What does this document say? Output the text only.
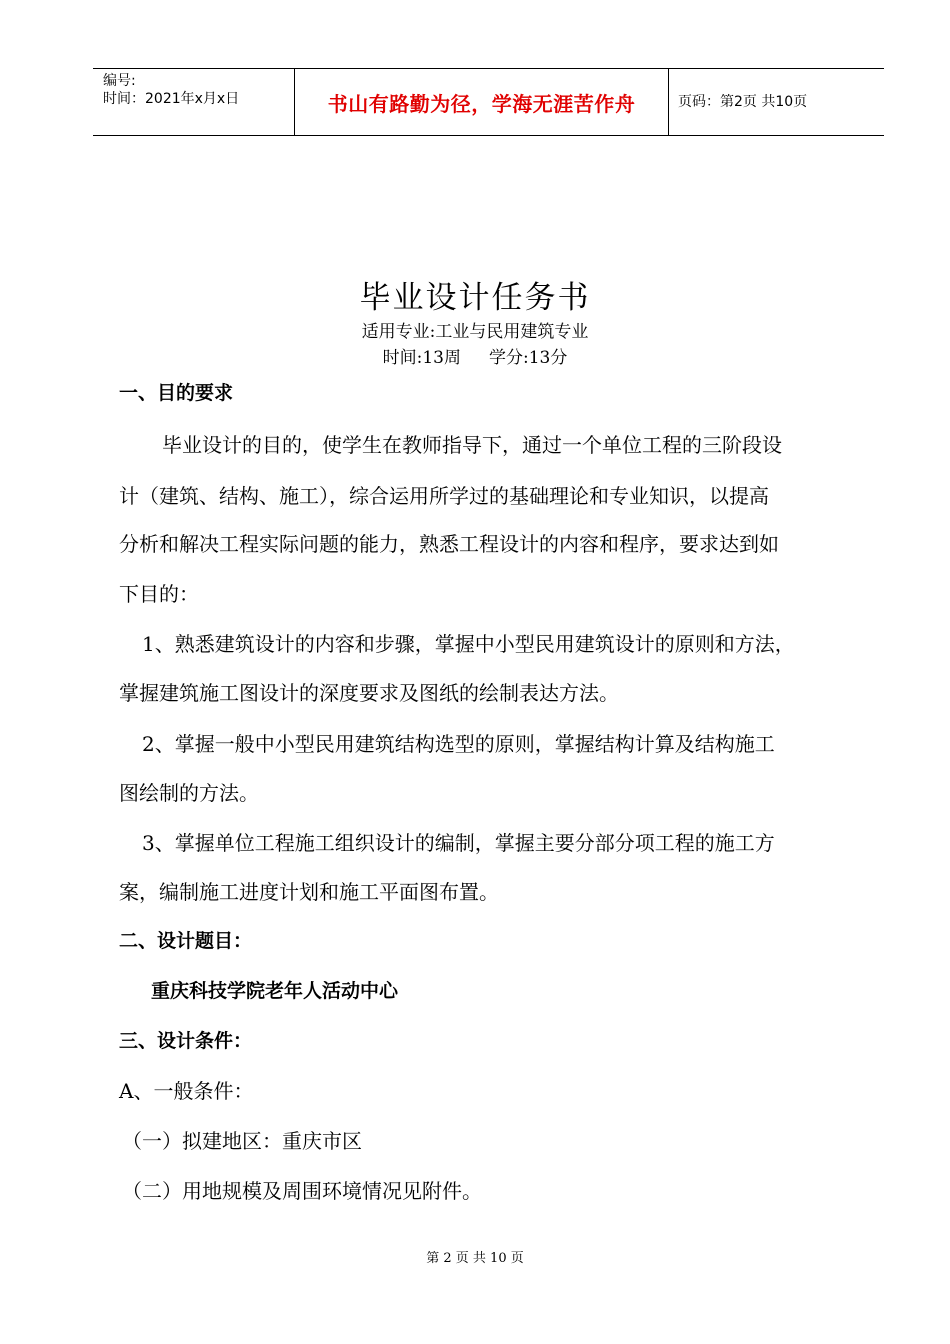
编号:
时间：2021年x月x日	书山有路勤为径，学海无涯苦作舟	页码：第2页 共10页
毕业设计任务书
适用专业:工业与民用建筑专业
时间:13周 学分:13分
一、目的要求
毕业设计的目的，使学生在教师指导下，通过一个单位工程的三阶段设
计（建筑、结构、施工），综合运用所学过的基础理论和专业知识，以提高
分析和解决工程实际问题的能力，熟悉工程设计的内容和程序，要求达到如
下目的：
1、熟悉建筑设计的内容和步骤，掌握中小型民用建筑设计的原则和方法，
掌握建筑施工图设计的深度要求及图纸的绘制表达方法。
2、掌握一般中小型民用建筑结构选型的原则，掌握结构计算及结构施工
图绘制的方法。
3、掌握单位工程施工组织设计的编制，掌握主要分部分项工程的施工方
案，编制施工进度计划和施工平面图布置。
二、设计题目：
重庆科技学院老年人活动中心
三、设计条件：
A、一般条件：
（一）拟建地区：重庆市区
（二）用地规模及周围环境情况见附件。
第 2 页 共 10 页
